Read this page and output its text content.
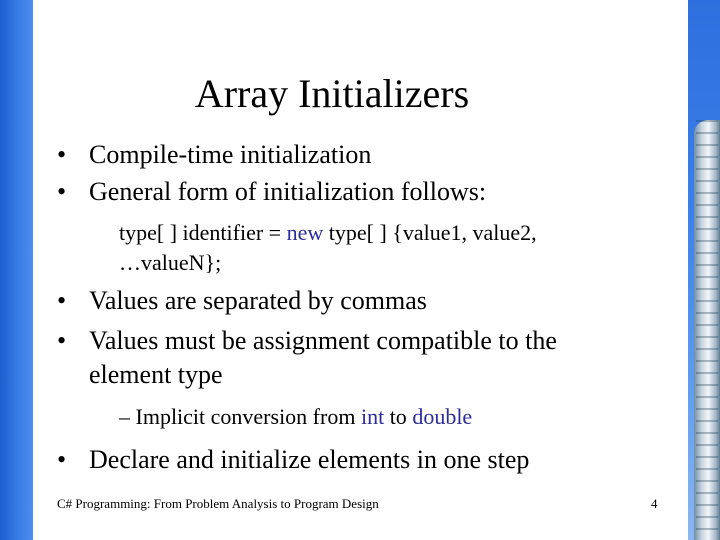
Array Initializers
• Compile-time initialization
• General form of initialization follows:
type[ ] identifier = new type[ ] {value1, value2,
…valueN};
• Values are separated by commas
• Values must be assignment compatible to the
element type
– Implicit conversion from int to double
• Declare and initialize elements in one step
C# Programming: From Problem Analysis to Program Design	4
